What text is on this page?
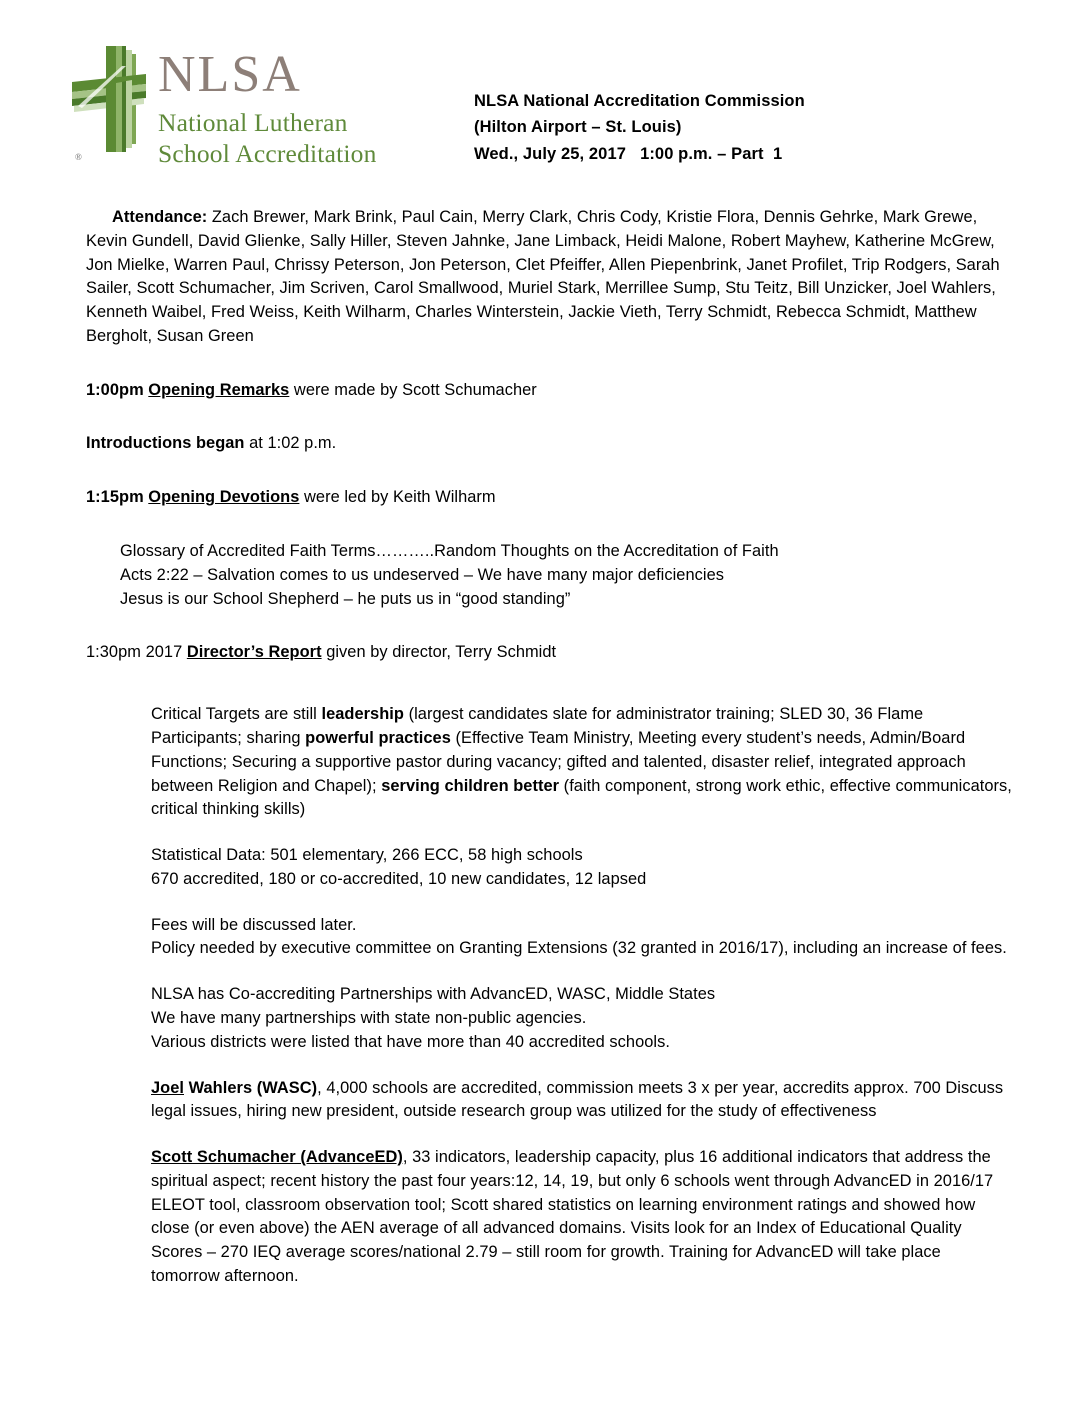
®
NLSA
National Lutheran
School Accreditation
NLSA National Accreditation Commission
(Hilton Airport – St. Louis)
Wed., July 25, 2017   1:00 p.m. – Part  1
Attendance: Zach Brewer, Mark Brink, Paul Cain, Merry Clark, Chris Cody, Kristie Flora, Dennis Gehrke, Mark Grewe, Kevin Gundell, David Glienke, Sally Hiller, Steven Jahnke, Jane Limback, Heidi Malone, Robert Mayhew, Katherine McGrew, Jon Mielke, Warren Paul, Chrissy Peterson, Jon Peterson, Clet Pfeiffer, Allen Piepenbrink, Janet Profilet, Trip Rodgers, Sarah Sailer, Scott Schumacher, Jim Scriven, Carol Smallwood, Muriel Stark, Merrillee Sump, Stu Teitz, Bill Unzicker, Joel Wahlers, Kenneth Waibel, Fred Weiss, Keith Wilharm, Charles Winterstein, Jackie Vieth, Terry Schmidt, Rebecca Schmidt, Matthew Bergholt, Susan Green
1:00pm Opening Remarks were made by Scott Schumacher
Introductions began at 1:02 p.m.
1:15pm Opening Devotions were led by Keith Wilharm
Glossary of Accredited Faith Terms………..Random Thoughts on the Accreditation of Faith
Acts 2:22 – Salvation comes to us undeserved – We have many major deficiencies
Jesus is our School Shepherd – he puts us in “good standing”
1:30pm 2017 Director’s Report given by director, Terry Schmidt
Critical Targets are still leadership (largest candidates slate for administrator training; SLED 30, 36 Flame Participants; sharing powerful practices (Effective Team Ministry, Meeting every student’s needs, Admin/Board Functions; Securing a supportive pastor during vacancy; gifted and talented, disaster relief, integrated approach between Religion and Chapel); serving children better (faith component, strong work ethic, effective communicators, critical thinking skills)
Statistical Data: 501 elementary, 266 ECC, 58 high schools
670 accredited, 180 or co-accredited, 10 new candidates, 12 lapsed
Fees will be discussed later.
Policy needed by executive committee on Granting Extensions (32 granted in 2016/17), including an increase of fees.
NLSA has Co-accrediting Partnerships with AdvancED, WASC, Middle States
We have many partnerships with state non-public agencies.
Various districts were listed that have more than 40 accredited schools.
Joel Wahlers (WASC), 4,000 schools are accredited, commission meets 3 x per year, accredits approx. 700 Discuss legal issues, hiring new president, outside research group was utilized for the study of effectiveness
Scott Schumacher (AdvanceED), 33 indicators, leadership capacity, plus 16 additional indicators that address the spiritual aspect; recent history the past four years:12, 14, 19, but only 6 schools went through AdvancED in 2016/17 ELEOT tool, classroom observation tool; Scott shared statistics on learning environment ratings and showed how close (or even above) the AEN average of all advanced domains. Visits look for an Index of Educational Quality Scores – 270 IEQ average scores/national 2.79 – still room for growth. Training for AdvancED will take place tomorrow afternoon.
